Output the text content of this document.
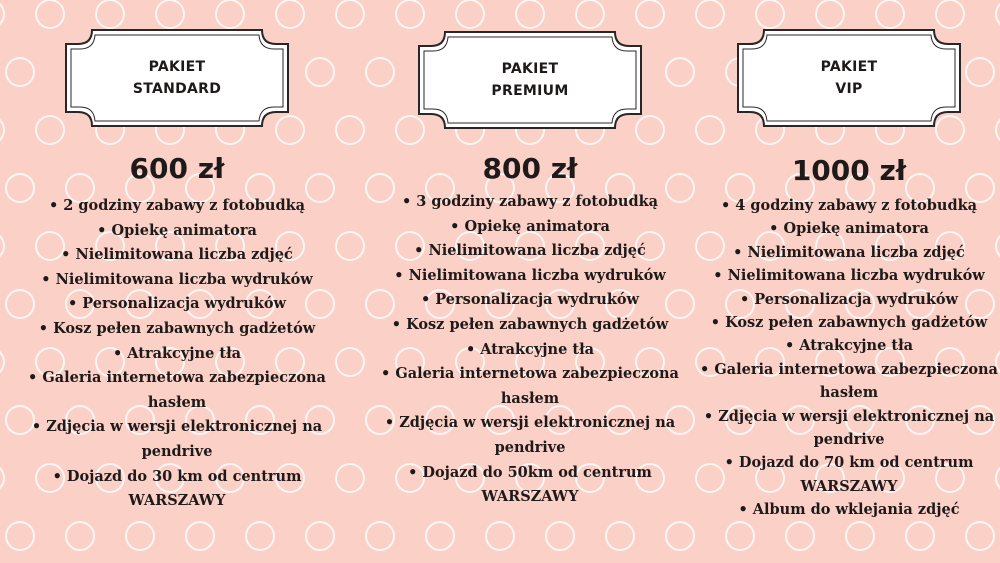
PAKIET
STANDARD
600 zł
• 2 godziny zabawy z fotobudką
• Opiekę animatora
• Nielimitowana liczba zdjęć
• Nielimitowana liczba wydruków
• Personalizacja wydruków
• Kosz pełen zabawnych gadżetów
• Atrakcyjne tła
• Galeria internetowa zabezpieczona hasłem
• Zdjęcia w wersji elektronicznej na pendrive
• Dojazd do 30 km od centrum WARSZAWY
PAKIET
PREMIUM
800 zł
• 3 godziny zabawy z fotobudką
• Opiekę animatora
• Nielimitowana liczba zdjęć
• Nielimitowana liczba wydruków
• Personalizacja wydruków
• Kosz pełen zabawnych gadżetów
• Atrakcyjne tła
• Galeria internetowa zabezpieczona hasłem
• Zdjęcia w wersji elektronicznej na pendrive
• Dojazd do 50km od centrum WARSZAWY
PAKIET
VIP
1000 zł
• 4 godziny zabawy z fotobudką
• Opiekę animatora
• Nielimitowana liczba zdjęć
• Nielimitowana liczba wydruków
• Personalizacja wydruków
• Kosz pełen zabawnych gadżetów
• Atrakcyjne tła
• Galeria internetowa zabezpieczona hasłem
• Zdjęcia w wersji elektronicznej na pendrive
• Dojazd do 70 km od centrum WARSZAWY
• Album do wklejania zdjęć
